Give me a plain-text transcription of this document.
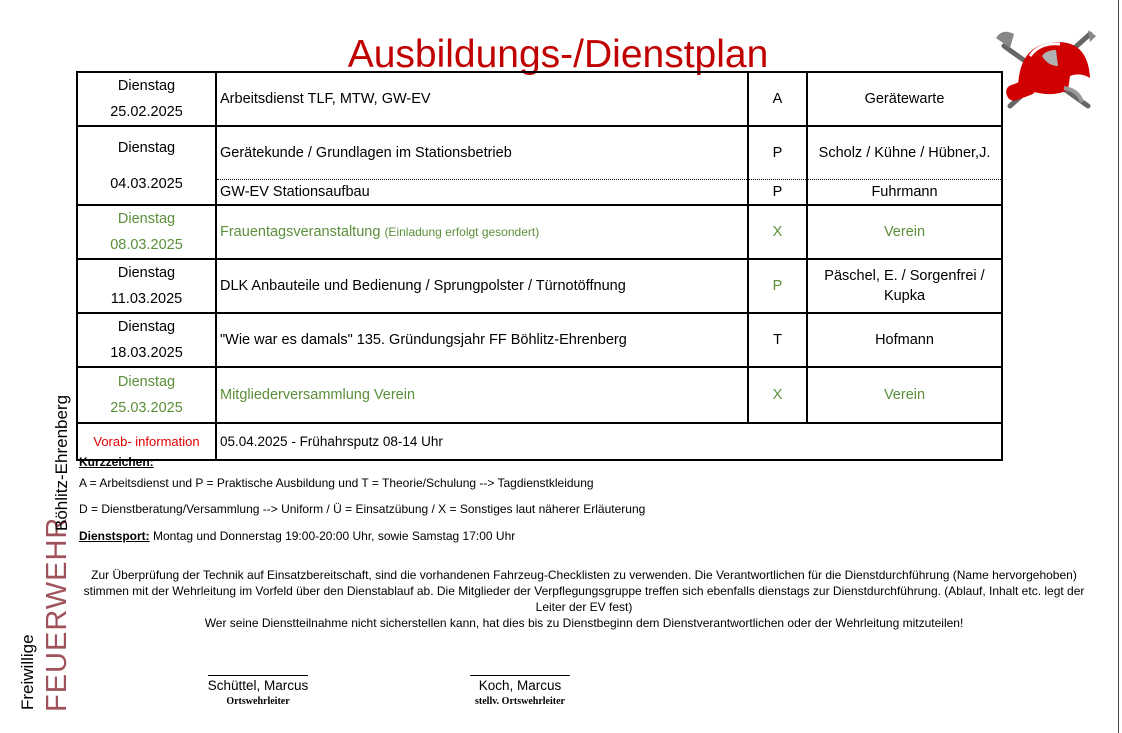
Ausbildungs-/Dienstplan
Dienstag
25.02.2025	Arbeitsdienst TLF, MTW, GW-EV	A	Gerätewarte

Dienstag
04.03.2025	Gerätekunde / Grundlagen im Stationsbetrieb	P	Scholz / Kühne / Hübner,J.
	GW-EV Stationsaufbau	P	Fuhrmann

Dienstag
08.03.2025	Frauentagsveranstaltung (Einladung erfolgt gesondert)	X	Verein

Dienstag
11.03.2025	DLK Anbauteile und Bedienung / Sprungpolster / Türnotöffnung	P	Päschel, E. / Sorgenfrei / Kupka

Dienstag
18.03.2025	"Wie war es damals" 135. Gründungsjahr FF Böhlitz-Ehrenberg	T	Hofmann

Dienstag
25.03.2025	Mitgliederversammlung Verein	X	Verein
Vorab- information	05.04.2025 - Frühahrsputz 08-14 Uhr		
Kurzzeichen:
A = Arbeitsdienst und P = Praktische Ausbildung und T = Theorie/Schulung --> Tagdienstkleidung
D = Dienstberatung/Versammlung --> Uniform / Ü = Einsatzübung / X = Sonstiges laut näherer Erläuterung
Dienstsport: Montag und Donnerstag 19:00-20:00 Uhr, sowie Samstag 17:00 Uhr
Zur Überprüfung der Technik auf Einsatzbereitschaft, sind die vorhandenen Fahrzeug-Checklisten zu verwenden. Die Verantwortlichen für die Dienstdurchführung (Name hervorgehoben) stimmen mit der Wehrleitung im Vorfeld über den Dienstablauf ab. Die Mitglieder der Verpflegungsgruppe treffen sich ebenfalls dienstags zur Dienstdurchführung. (Ablauf, Inhalt etc. legt der Leiter der EV fest)
Wer seine Dienstteilnahme nicht sicherstellen kann, hat dies bis zu Dienstbeginn dem Dienstverantwortlichen oder der Wehrleitung mitzuteilen!
Schüttel, Marcus
Ortswehrleiter
Koch, Marcus
stellv. Ortswehrleiter
Freiwillige FEUERWEHR
Böhlitz-Ehrenberg
